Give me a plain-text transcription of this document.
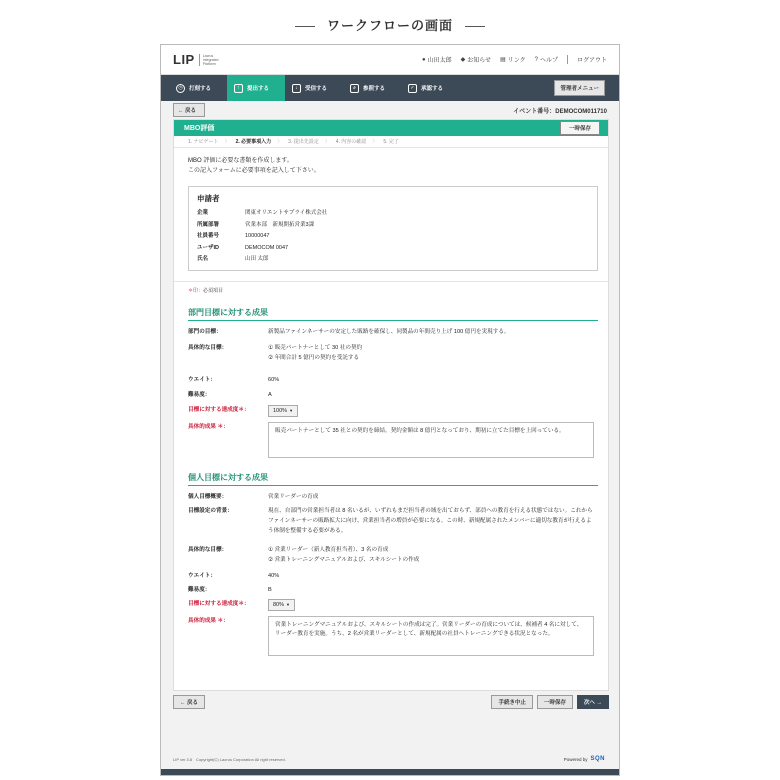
ワークフローの画面
LIP Lacrus
Integrated
Platform
● 山田太郎 ◆ お知らせ ▤ リンク ? ヘルプ	ログアウト
◷	打刻する	↑	提出する	↓	受信する	⌕	参照する	✓	承認する	管理者メニュー
← 戻る	イベント番号：DEMOCOM011710
MBO評価	一時保存
1. ナビゲート 〉 2. 必要事項入力 〉 3. 提出先設定 〉 4. 内容の確認 〉 5. 完了
MBO 評価に必要な書類を作成します。
この記入フォームに必要事項を記入して下さい。
申請者
企業	関東オリエントサプライ株式会社
所属部署	営業本部　新規開拓営業3課
社員番号	10000047
ユーザID	DEMOCOM 0047
氏名	山田 太郎
＊印：必須項目
部門目標に対する成果
部門の目標：	新製品ファインネーサーの安定した販路を確保し、同製品の年間売り上げ 100 億円を実現する。
具体的な目標：	① 販売パートナーとして 30 社の契約
② 年間合計 5 億円の契約を受託する
ウエイト：	60%
難易度：	A
目標に対する達成度＊：	100% ▼
具体的成果 ＊：
販売パートナーとして 35 社との契約を締結。契約金額は 8 億円となっており、期初に立てた目標を上回っている。
個人目標に対する成果
個人目標概要：	営業リーダーの育成
目標設定の背景：	現在、自部門の営業担当者は 8 名いるが、いずれもまだ担当者の域を出ておらず、部員への教育を行える状態ではない。これからファインネーサーの販路拡大に向け、営業担当者の増員が必要になる。この時、新規配属されたメンバーに適切な教育が行えるよう体制を整備する必要がある。
具体的な目標：	① 営業リーダー（新人教育担当者）、3 名の育成
② 営業トレーニングマニュアルおよび、スキルシートの作成
ウエイト：	40%
難易度：	B
目標に対する達成度＊：	80% ▼
具体的成果 ＊：
営業トレーニングマニュアルおよび、スキルシートの作成は完了。営業リーダーの育成については、候補者 4 名に対して、リーダー教育を実施。うち、2 名が営業リーダーとして、新規配属の社員へトレーニングできる状況となった。
← 戻る	手続き中止	一時保存	次へ →
LIP ver.3.8　Copyright(C) Lacrus Corporation All right reserved.	Powered by SQN
